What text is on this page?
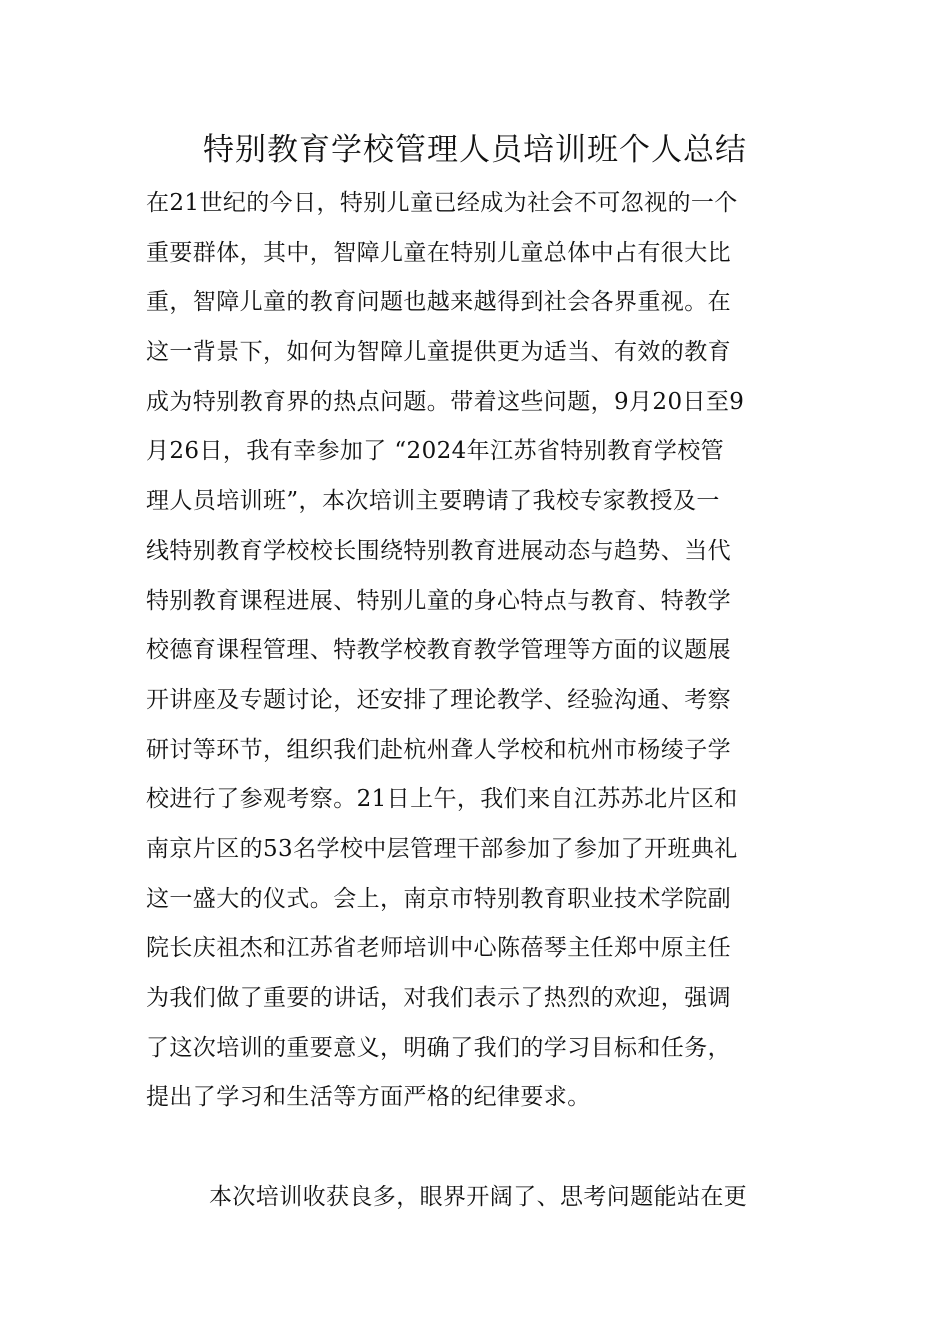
特别教育学校管理人员培训班个人总结
在21世纪的今日，特别儿童已经成为社会不可忽视的一个
重要群体，其中，智障儿童在特别儿童总体中占有很大比
重，智障儿童的教育问题也越来越得到社会各界重视。在
这一背景下，如何为智障儿童提供更为适当、有效的教育
成为特别教育界的热点问题。带着这些问题，9月20日至9
月26日，我有幸参加了 “2024年江苏省特别教育学校管
理人员培训班”，本次培训主要聘请了我校专家教授及一
线特别教育学校校长围绕特别教育进展动态与趋势、当代
特别教育课程进展、特别儿童的身心特点与教育、特教学
校德育课程管理、特教学校教育教学管理等方面的议题展
开讲座及专题讨论，还安排了理论教学、经验沟通、考察
研讨等环节，组织我们赴杭州聋人学校和杭州市杨绫子学
校进行了参观考察。21日上午，我们来自江苏苏北片区和
南京片区的53名学校中层管理干部参加了参加了开班典礼
这一盛大的仪式。会上，南京市特别教育职业技术学院副
院长庆祖杰和江苏省老师培训中心陈蓓琴主任郑中原主任
为我们做了重要的讲话，对我们表示了热烈的欢迎，强调
了这次培训的重要意义，明确了我们的学习目标和任务，
提出了学习和生活等方面严格的纪律要求。
本次培训收获良多，眼界开阔了、思考问题能站在更
